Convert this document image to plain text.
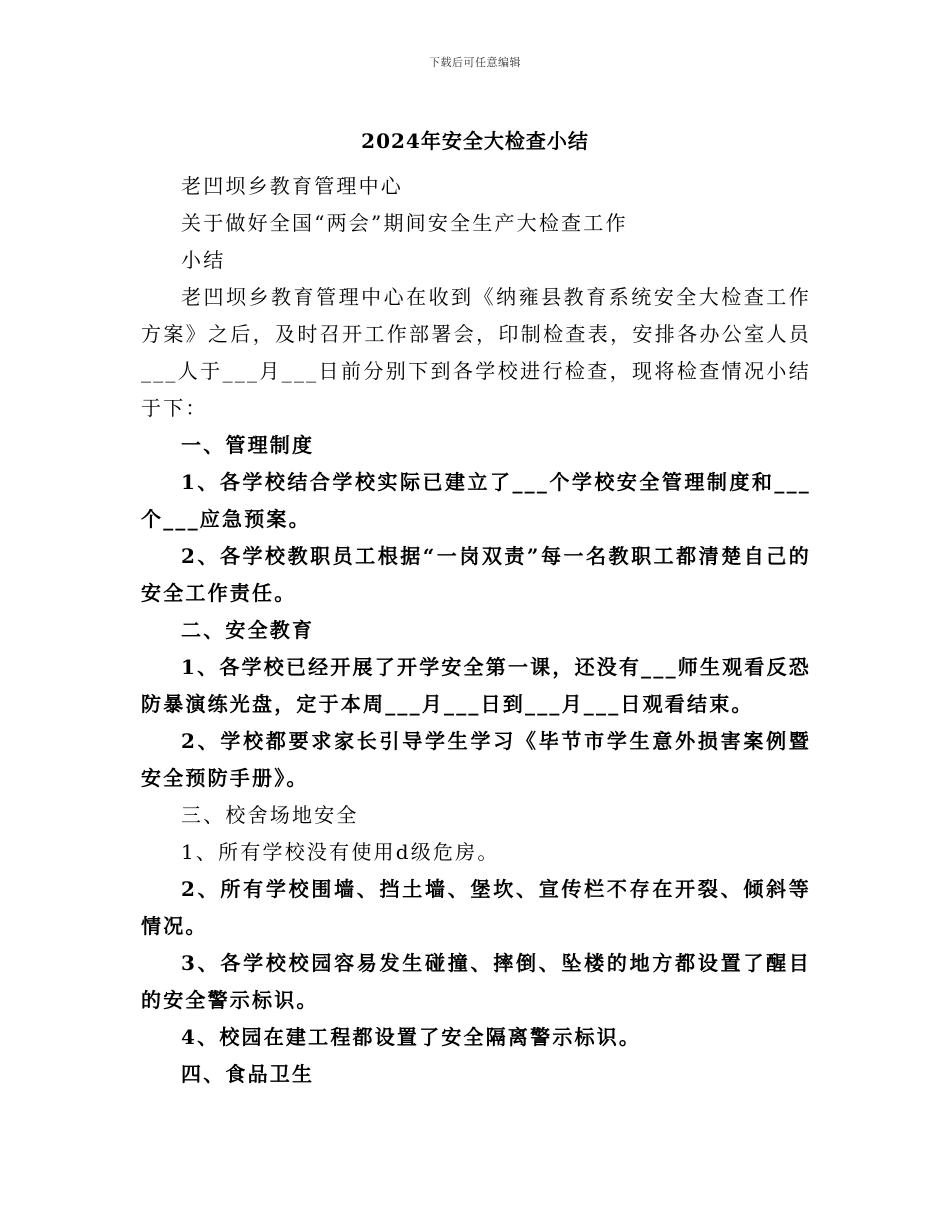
下载后可任意编辑
2024年安全大检查小结

老凹坝乡教育管理中心

关于做好全国“两会”期间安全生产大检查工作

小结

老凹坝乡教育管理中心在收到《纳雍县教育系统安全大检查工作方案》之后，及时召开工作部署会，印制检查表，安排各办公室人员___人于___月___日前分别下到各学校进行检查，现将检查情况小结于下：

一、管理制度

1、各学校结合学校实际已建立了___个学校安全管理制度和___个___应急预案。

2、各学校教职员工根据“一岗双责”每一名教职工都清楚自己的安全工作责任。

二、安全教育

1、各学校已经开展了开学安全第一课，还没有___师生观看反恐防暴演练光盘，定于本周___月___日到___月___日观看结束。

2、学校都要求家长引导学生学习《毕节市学生意外损害案例暨安全预防手册》。

三、校舍场地安全

1、所有学校没有使用d级危房。

2、所有学校围墙、挡土墙、堡坎、宣传栏不存在开裂、倾斜等情况。

3、各学校校园容易发生碰撞、摔倒、坠楼的地方都设置了醒目的安全警示标识。

4、校园在建工程都设置了安全隔离警示标识。

四、食品卫生
